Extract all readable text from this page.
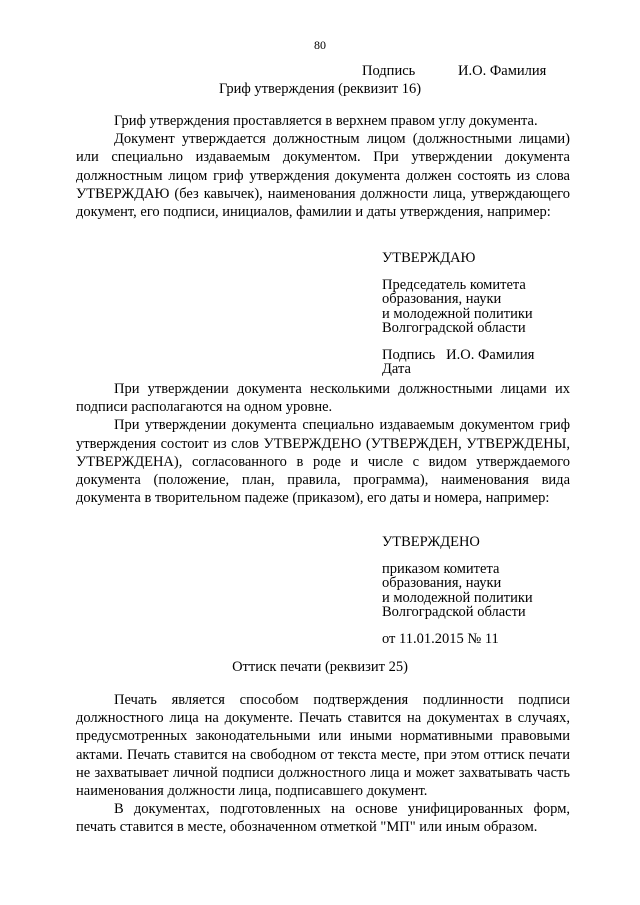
80
Подпись	И.О. Фамилия
Гриф утверждения (реквизит 16)

Гриф утверждения проставляется в верхнем правом углу документа.

Документ утверждается должностным лицом (должностными лицами) или специально издаваемым документом. При утверждении документа должностным лицом гриф утверждения документа должен состоять из слова УТВЕРЖДАЮ (без кавычек), наименования должности лица, утверждающего документ, его подписи, инициалов, фамилии и даты утверждения, например:

УТВЕРЖДАЮ
Председатель комитета
образования, науки
и молодежной политики
Волгоградской области
Подпись   И.О. Фамилия
Дата

При утверждении документа несколькими должностными лицами их подписи располагаются на одном уровне.

При утверждении документа специально издаваемым документом гриф утверждения состоит из слов УТВЕРЖДЕНО (УТВЕРЖДЕН, УТВЕРЖДЕНЫ, УТВЕРЖДЕНА), согласованного в роде и числе с видом утверждаемого документа (положение, план, правила, программа), наименования вида документа в творительном падеже (приказом), его даты и номера, например:

УТВЕРЖДЕНО
приказом комитета
образования, науки
и молодежной политики
Волгоградской области
от 11.01.2015 № 11
Оттиск печати (реквизит 25)

Печать является способом подтверждения подлинности подписи должностного лица на документе. Печать ставится на документах в случаях, предусмотренных законодательными или иными нормативными правовыми актами. Печать ставится на свободном от текста месте, при этом оттиск печати не захватывает личной подписи должностного лица и может захватывать часть наименования должности лица, подписавшего документ.

В документах, подготовленных на основе унифицированных форм, печать ставится в месте, обозначенном отметкой "МП" или иным образом.
